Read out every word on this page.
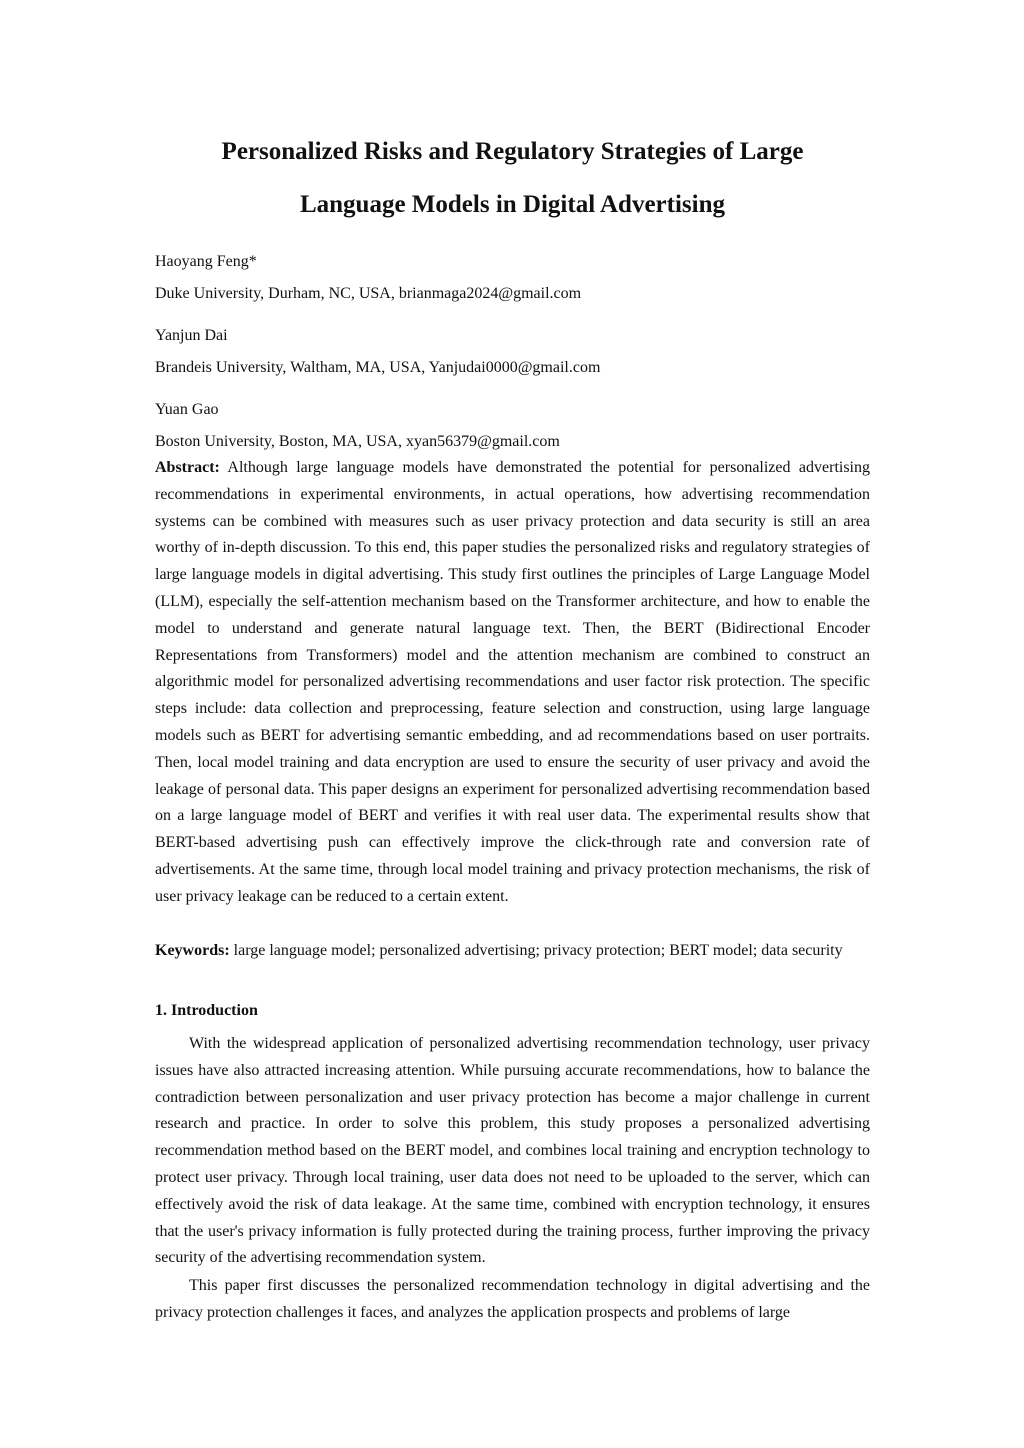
Personalized Risks and Regulatory Strategies of Large
Language Models in Digital Advertising

Haoyang Feng*

Duke University, Durham, NC, USA, brianmaga2024@gmail.com

Yanjun Dai

Brandeis University, Waltham, MA, USA, Yanjudai0000@gmail.com

Yuan Gao

Boston University, Boston, MA, USA, xyan56379@gmail.com

Abstract: Although large language models have demonstrated the potential for personalized advertising recommendations in experimental environments, in actual operations, how advertising recommendation systems can be combined with measures such as user privacy protection and data security is still an area worthy of in-depth discussion. To this end, this paper studies the personalized risks and regulatory strategies of large language models in digital advertising. This study first outlines the principles of Large Language Model (LLM), especially the self-attention mechanism based on the Transformer architecture, and how to enable the model to understand and generate natural language text. Then, the BERT (Bidirectional Encoder Representations from Transformers) model and the attention mechanism are combined to construct an algorithmic model for personalized advertising recommendations and user factor risk protection. The specific steps include: data collection and preprocessing, feature selection and construction, using large language models such as BERT for advertising semantic embedding, and ad recommendations based on user portraits. Then, local model training and data encryption are used to ensure the security of user privacy and avoid the leakage of personal data. This paper designs an experiment for personalized advertising recommendation based on a large language model of BERT and verifies it with real user data. The experimental results show that BERT-based advertising push can effectively improve the click-through rate and conversion rate of advertisements. At the same time, through local model training and privacy protection mechanisms, the risk of user privacy leakage can be reduced to a certain extent.

Keywords: large language model; personalized advertising; privacy protection; BERT model; data security

1. Introduction

With the widespread application of personalized advertising recommendation technology, user privacy issues have also attracted increasing attention. While pursuing accurate recommendations, how to balance the contradiction between personalization and user privacy protection has become a major challenge in current research and practice. In order to solve this problem, this study proposes a personalized advertising recommendation method based on the BERT model, and combines local training and encryption technology to protect user privacy. Through local training, user data does not need to be uploaded to the server, which can effectively avoid the risk of data leakage. At the same time, combined with encryption technology, it ensures that the user's privacy information is fully protected during the training process, further improving the privacy security of the advertising recommendation system.

This paper first discusses the personalized recommendation technology in digital advertising and the privacy protection challenges it faces, and analyzes the application prospects and problems of large
